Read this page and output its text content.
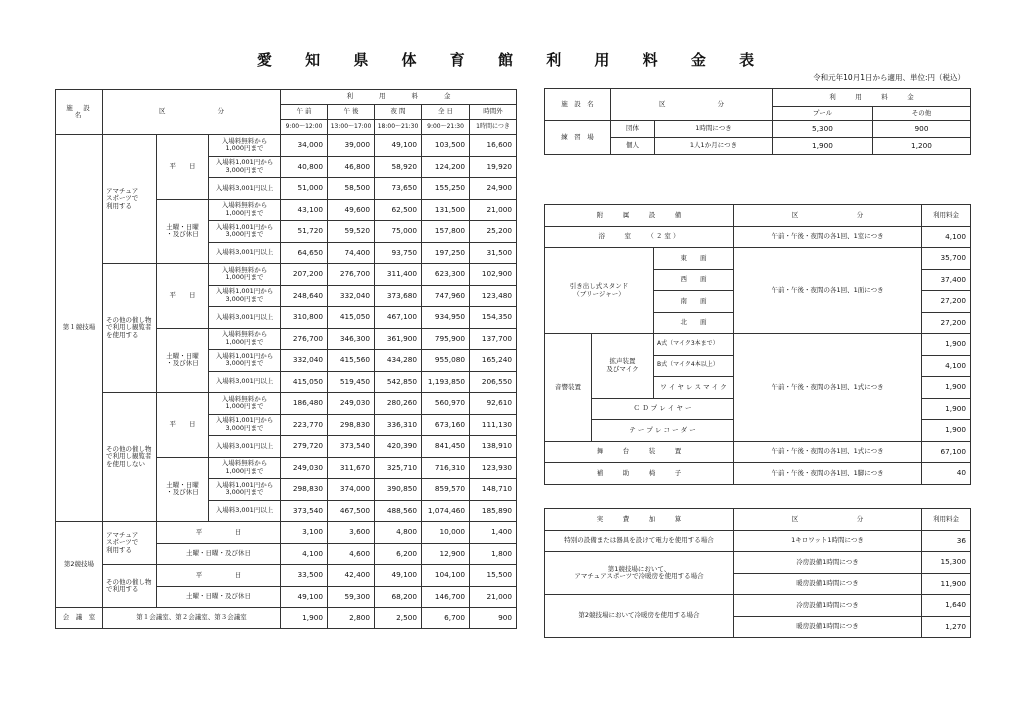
愛 知 県 体 育 館 利 用 料 金 表
令和元年10月1日から適用、単位:円（税込）
施　設　名	区　　　　　　　　分			利　　　　用　　　　料　　　　金				
				午 前	午 後	夜 間	全 日	時間外
				9:00～12:00	13:00～17:00	18:00～21:30	9:00～21:30	1時間につき
第１競技場	アマチュア
スポーツで
利用する	平　　日	入場料無料から
1,000円まで	34,000	39,000	49,100	103,500	16,600
			入場料1,001円から
3,000円まで	40,800	46,800	58,920	124,200	19,920
			入場料3,001円以上	51,000	58,500	73,650	155,250	24,900
		土曜・日曜
・及び休日	入場料無料から
1,000円まで	43,100	49,600	62,500	131,500	21,000
			入場料1,001円から
3,000円まで	51,720	59,520	75,000	157,800	25,200
			入場料3,001円以上	64,650	74,400	93,750	197,250	31,500
	その他の催し物
で利用し観覧者
を使用する	平　　日	入場料無料から
1,000円まで	207,200	276,700	311,400	623,300	102,900
			入場料1,001円から
3,000円まで	248,640	332,040	373,680	747,960	123,480
			入場料3,001円以上	310,800	415,050	467,100	934,950	154,350
		土曜・日曜
・及び休日	入場料無料から
1,000円まで	276,700	346,300	361,900	795,900	137,700
			入場料1,001円から
3,000円まで	332,040	415,560	434,280	955,080	165,240
			入場料3,001円以上	415,050	519,450	542,850	1,193,850	206,550
	その他の催し物
で利用し観覧者
を使用しない	平　　日	入場料無料から
1,000円まで	186,480	249,030	280,260	560,970	92,610
			入場料1,001円から
3,000円まで	223,770	298,830	336,310	673,160	111,130
			入場料3,001円以上	279,720	373,540	420,390	841,450	138,910
		土曜・日曜
・及び休日	入場料無料から
1,000円まで	249,030	311,670	325,710	716,310	123,930
			入場料1,001円から
3,000円まで	298,830	374,000	390,850	859,570	148,710
			入場料3,001円以上	373,540	467,500	488,560	1,074,460	185,890
第2競技場	アマチュア
スポーツで
利用する	平　　　　　日		3,100	3,600	4,800	10,000	1,400
		土曜・日曜・及び休日		4,100	4,600	6,200	12,900	1,800
	その他の催し物
で利用する	平　　　　　日		33,500	42,400	49,100	104,100	15,500
		土曜・日曜・及び休日		49,100	59,300	68,200	146,700	21,000
会　議　室	第１会議室、第２会議室、第３会議室			1,900	2,800	2,500	6,700	900
施　設　名	区　　　　　　　　分		利　　　用　　　料　　　金	
			プール	その他
練　習　場	団体	1時間につき	5,300	900
	個人	1人1か月につき	1,900	1,200
附　　　属　　　設　　　備			区　　　　　　　　　分	利用料金
浴　　　室　　　（ ２ 室 ）			午前・午後・夜間の各1回、1室につき	4,100
引き出し式スタンド
（ブリージャー）		東　　面	午前・午後・夜間の各1回、1面につき	35,700
		西　　面		37,400
		南　　面		27,200
		北　　面		27,200
音響装置	拡声装置
及びマイク	A式（マイク3本まで）	午前・午後・夜間の各1回、1式につき	1,900
		B式（マイク4本以上）		4,100
		ワ イ ヤ レ ス マ イ ク		1,900
	Ｃ Ｄ プ レ イ ヤ ー			1,900
	テ ー プ レ コ ー ダ ー			1,900
舞　　　台　　　装　　　置			午前・午後・夜間の各1回、1式につき	67,100
補　　　助　　　椅　　　子			午前・午後・夜間の各1回、1脚につき	40
実　　　費　　　加　　　算	区　　　　　　　　　分	利用料金
特別の設備または器具を設けて電力を使用する場合	1キロワット1時間につき	36
第1競技場において、
アマチュアスポーツで冷暖房を使用する場合	冷房設備1時間につき	15,300
	暖房設備1時間につき	11,900
第2競技場において冷暖房を使用する場合	冷房設備1時間につき	1,640
	暖房設備1時間につき	1,270
